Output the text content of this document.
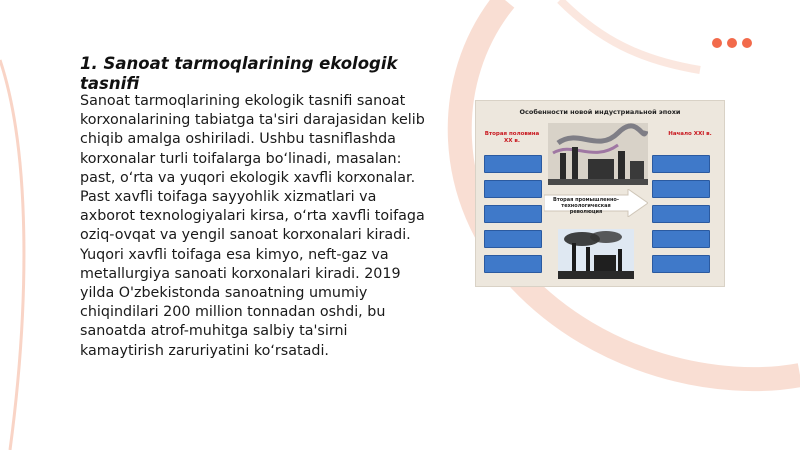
1. Sanoat tarmoqlarining ekologik tasnifi
Sanoat tarmoqlarining ekologik tasnifi sanoat korxonalarining tabiatga ta'siri darajasidan kelib chiqib amalga oshiriladi. Ushbu tasniflashda korxonalar turli toifalarga boʻlinadi, masalan: past, oʻrta va yuqori ekologik xavfli korxonalar. Past xavfli toifaga sayyohlik xizmatlari va axborot texnologiyalari kirsa, oʻrta xavfli toifaga oziq-ovqat va yengil sanoat korxonalari kiradi. Yuqori xavfli toifaga esa kimyo, neft-gaz va metallurgiya sanoati korxonalari kiradi. 2019 yilda O'zbekistonda sanoatning umumiy chiqindilari 200 million tonnadan oshdi, bu sanoatda atrof-muhitga salbiy ta'sirni kamaytirish zaruriyatini koʻrsatadi.
Особенности новой индустриальной эпохи
Вторая половина XX в.
Начало XXI в.
Вторая промышленно-технологическая революция
